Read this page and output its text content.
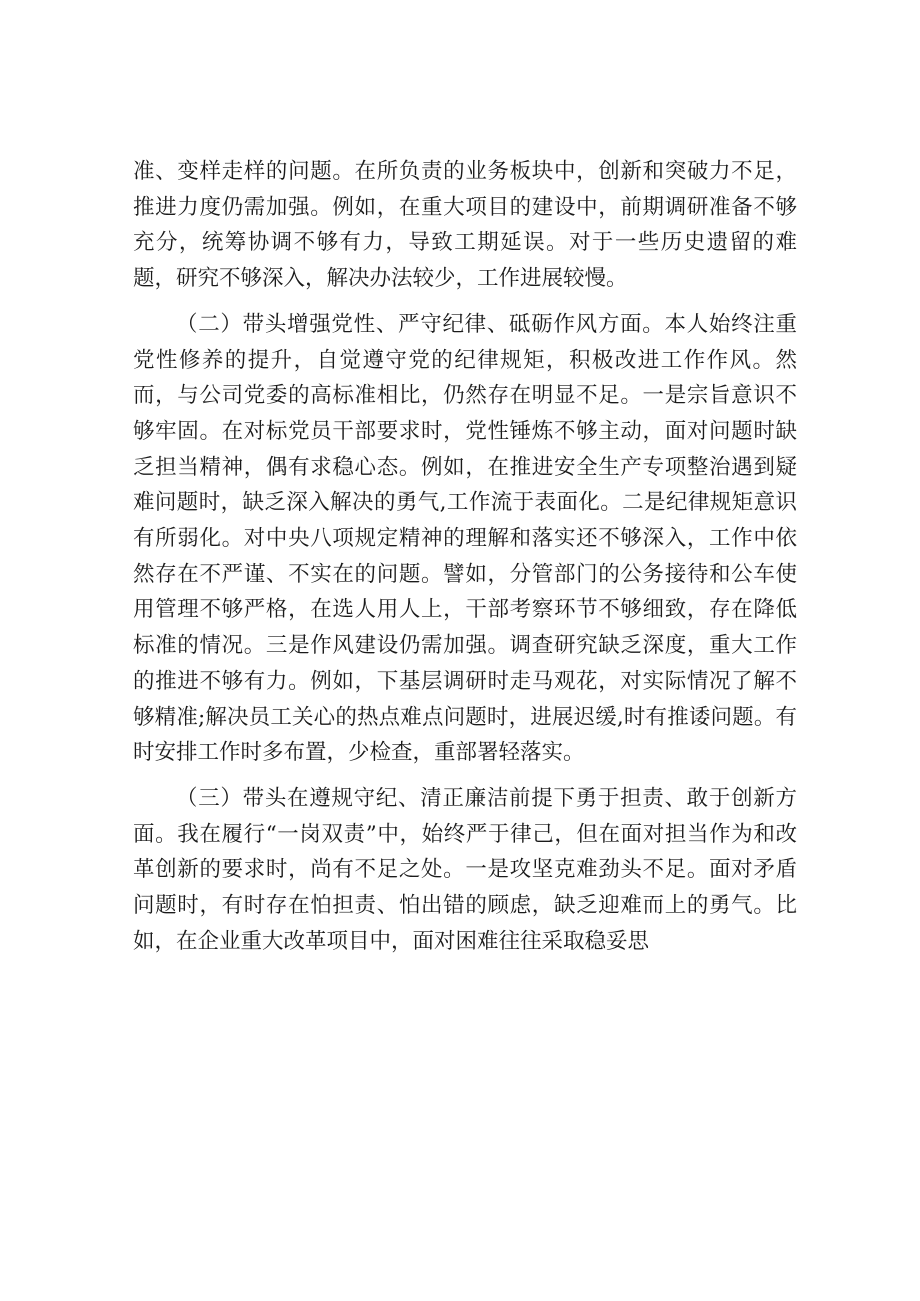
准、变样走样的问题。在所负责的业务板块中，创新和突破力不足，推进力度仍需加强。例如，在重大项目的建设中，前期调研准备不够充分，统筹协调不够有力，导致工期延误。对于一些历史遗留的难题，研究不够深入，解决办法较少，工作进展较慢。

（二）带头增强党性、严守纪律、砥砺作风方面。本人始终注重党性修养的提升，自觉遵守党的纪律规矩，积极改进工作作风。然而，与公司党委的高标准相比，仍然存在明显不足。一是宗旨意识不够牢固。在对标党员干部要求时，党性锤炼不够主动，面对问题时缺乏担当精神，偶有求稳心态。例如，在推进安全生产专项整治遇到疑难问题时，缺乏深入解决的勇气,工作流于表面化。二是纪律规矩意识有所弱化。对中央八项规定精神的理解和落实还不够深入，工作中依然存在不严谨、不实在的问题。譬如，分管部门的公务接待和公车使用管理不够严格，在选人用人上，干部考察环节不够细致，存在降低标准的情况。三是作风建设仍需加强。调查研究缺乏深度，重大工作的推进不够有力。例如，下基层调研时走马观花，对实际情况了解不够精准;解决员工关心的热点难点问题时，进展迟缓,时有推诿问题。有时安排工作时多布置，少检查，重部署轻落实。

（三）带头在遵规守纪、清正廉洁前提下勇于担责、敢于创新方面。我在履行“一岗双责”中，始终严于律己，但在面对担当作为和改革创新的要求时，尚有不足之处。一是攻坚克难劲头不足。面对矛盾问题时，有时存在怕担责、怕出错的顾虑，缺乏迎难而上的勇气。比如，在企业重大改革项目中，面对困难往往采取稳妥思
